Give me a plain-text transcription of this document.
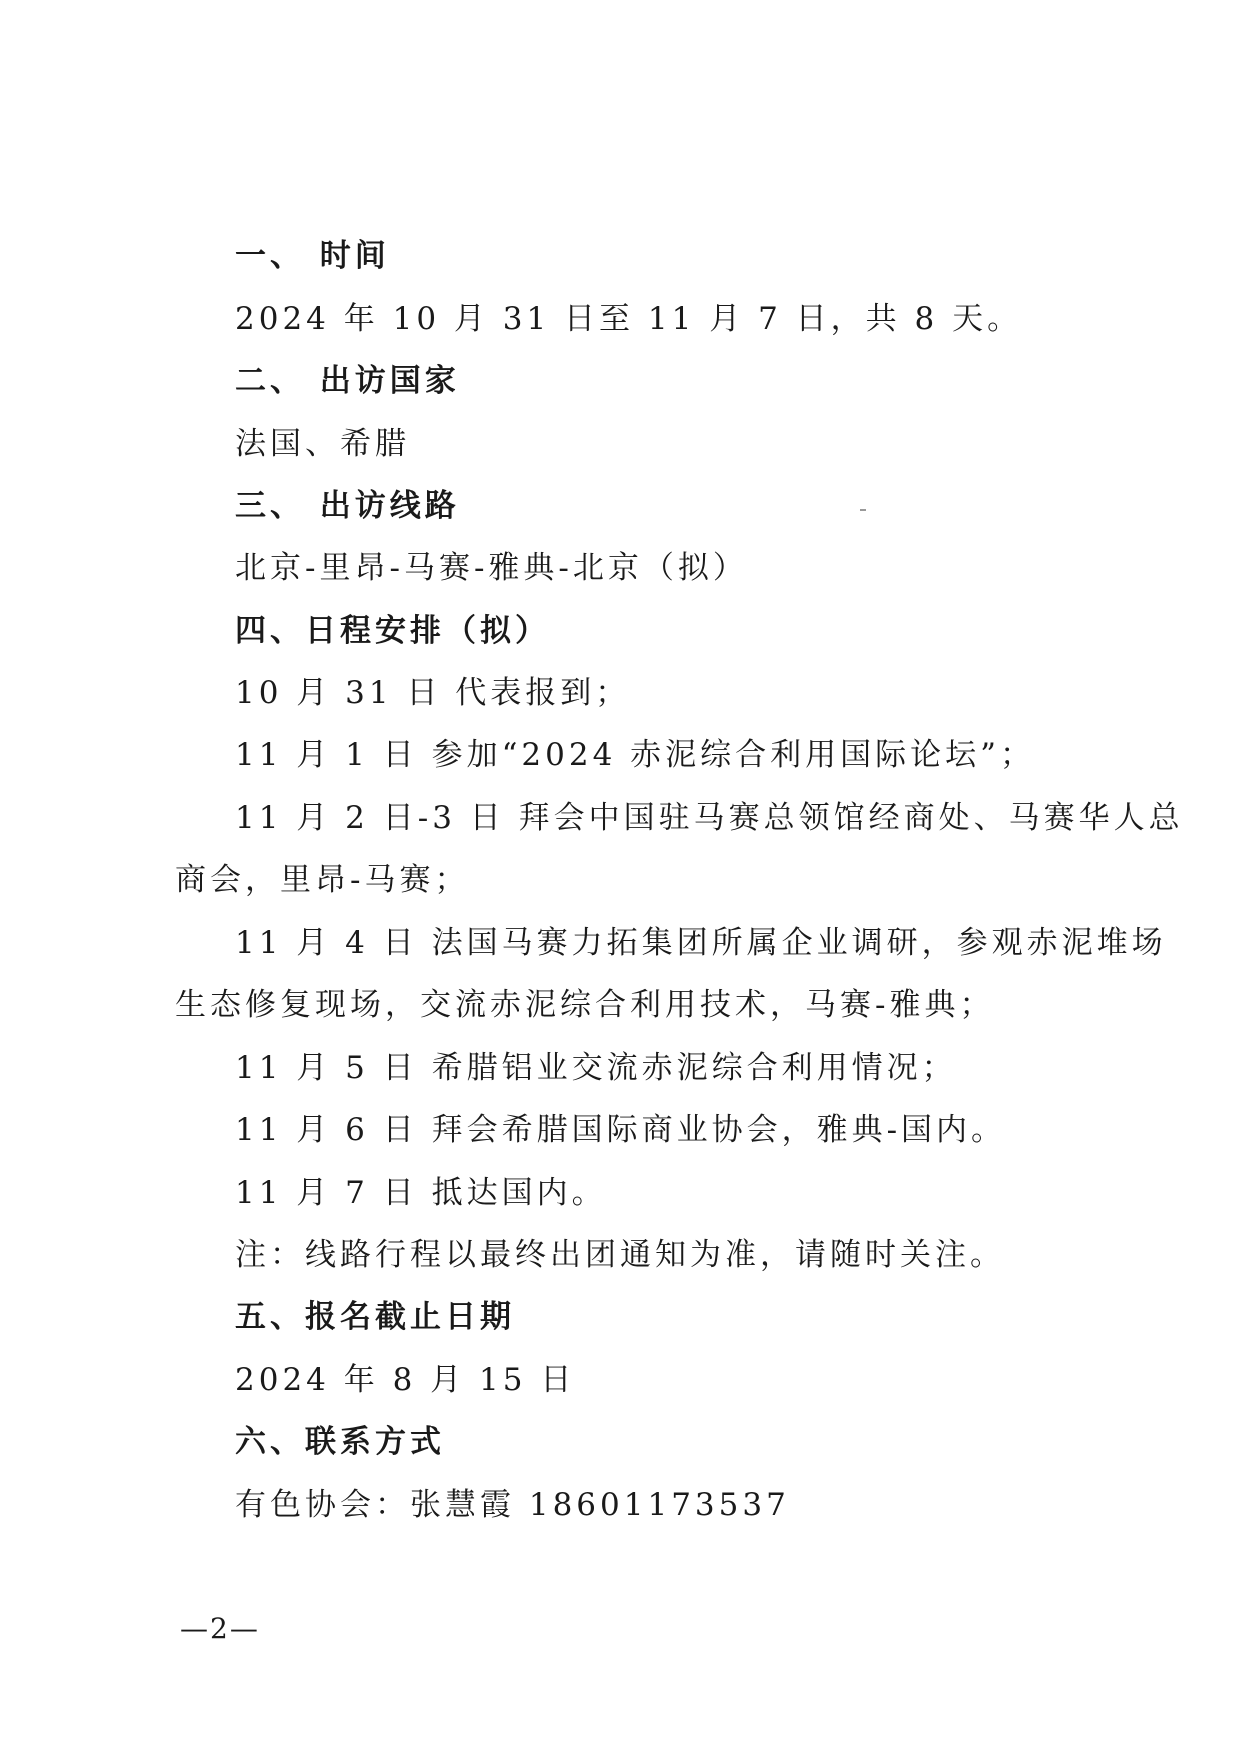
一、 时间
2024 年 10 月 31 日至 11 月 7 日，共 8 天。
二、 出访国家
法国、希腊
三、 出访线路
北京-里昂-马赛-雅典-北京（拟）
四、日程安排（拟）
10 月 31 日 代表报到；
11 月 1 日 参加“2024 赤泥综合利用国际论坛”；
11 月 2 日-3 日 拜会中国驻马赛总领馆经商处、马赛华人总
商会，里昂-马赛；
11 月 4 日 法国马赛力拓集团所属企业调研，参观赤泥堆场
生态修复现场，交流赤泥综合利用技术，马赛-雅典；
11 月 5 日 希腊铝业交流赤泥综合利用情况；
11 月 6 日 拜会希腊国际商业协会，雅典-国内。
11 月 7 日 抵达国内。
注：线路行程以最终出团通知为准，请随时关注。
五、报名截止日期
2024 年 8 月 15 日
六、联系方式
有色协会：张慧霞 18601173537
—2—
